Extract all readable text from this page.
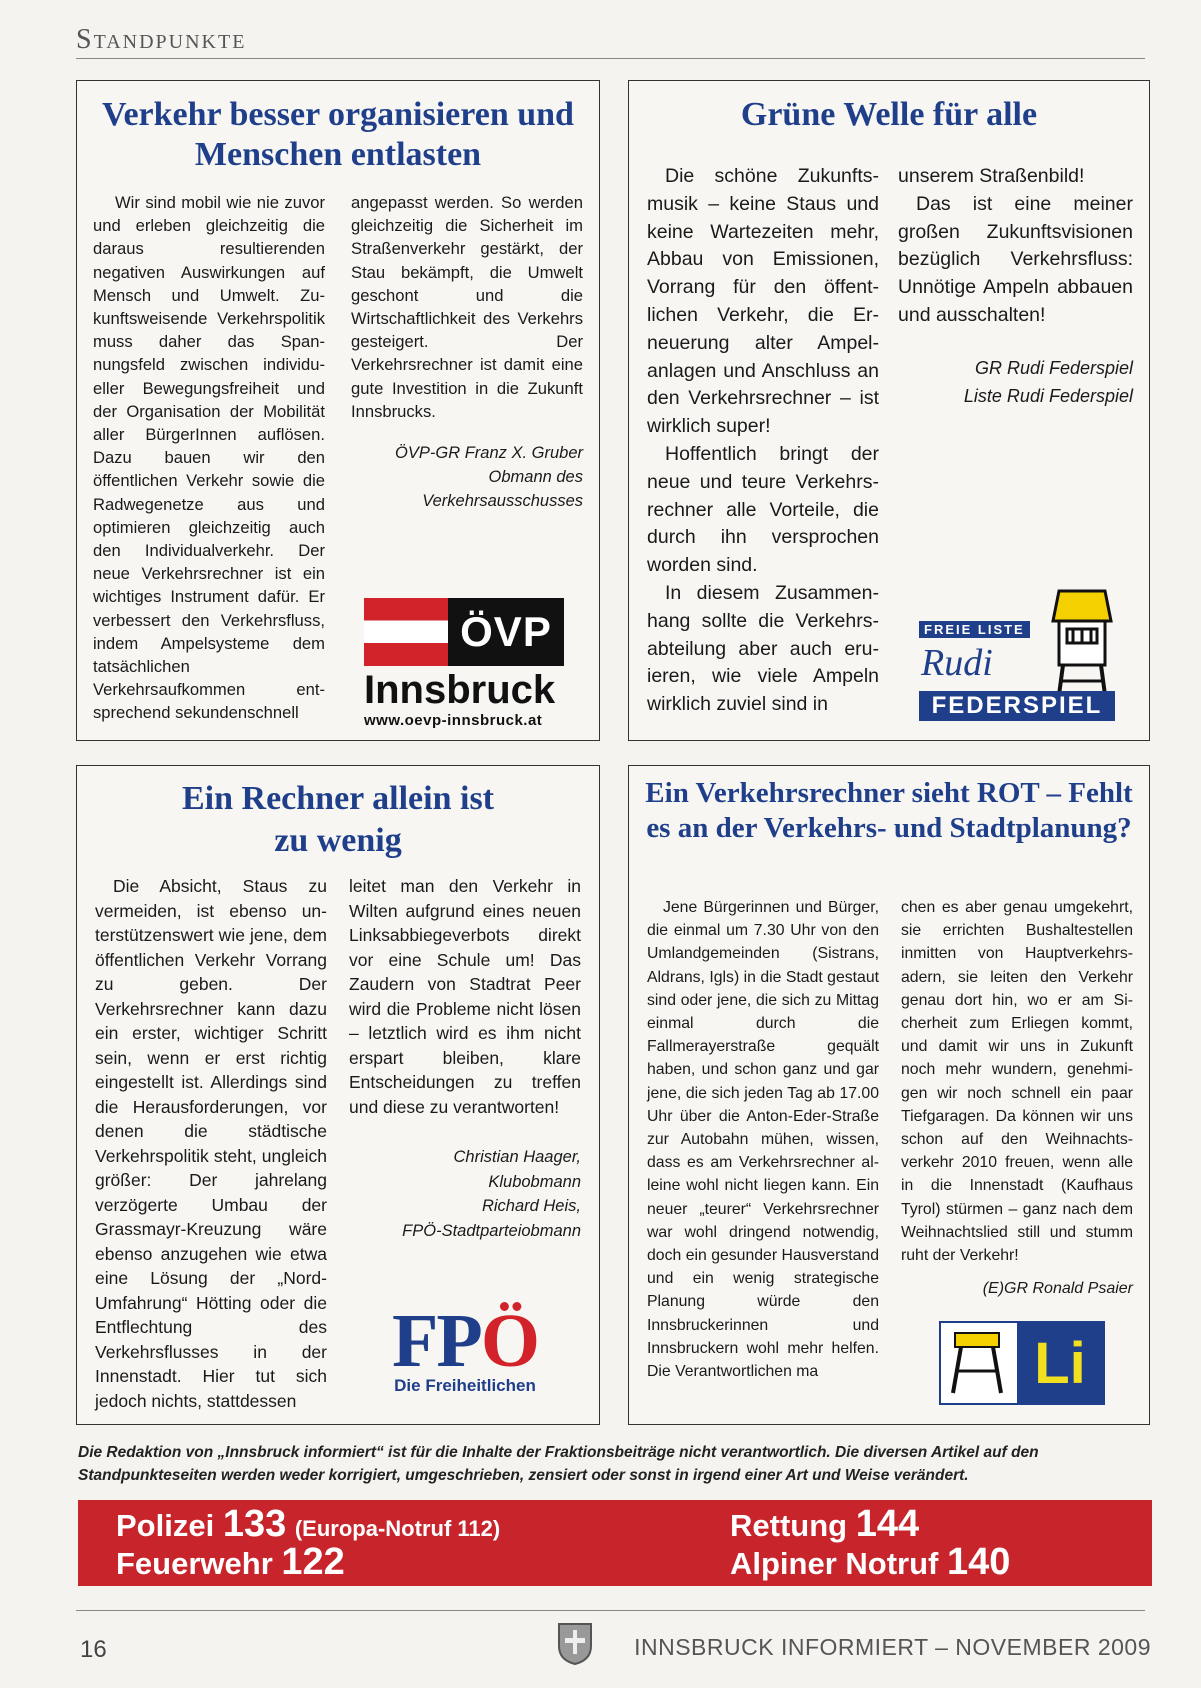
Standpunkte
Verkehr besser organisieren und Menschen entlasten

Wir sind mobil wie nie zuvor und erleben gleichzeitig die daraus resultierenden negativen Auswirkungen auf Mensch und Umwelt. Zukunftsweisende Verkehrspolitik muss daher das Spannungsfeld zwischen individueller Bewegungsfreiheit und der Organisation der Mobilität aller BürgerInnen auflösen. Dazu bauen wir den öffentlichen Verkehr sowie die Radwegenetze aus und optimieren gleichzeitig auch den Individualverkehr. Der neue Verkehrsrechner ist ein wichtiges Instrument dafür. Er verbessert den Verkehrsfluss, indem Ampelsysteme dem tatsächlichen Verkehrsaufkommen entsprechend sekundenschnell

angepasst werden. So werden gleichzeitig die Sicherheit im Straßenverkehr gestärkt, der Stau bekämpft, die Umwelt geschont und die Wirtschaftlichkeit des Verkehrs gesteigert. Der Verkehrsrechner ist damit eine gute Investition in die Zukunft Innsbrucks.

ÖVP-GR Franz X. Gruber
Obmann des
Verkehrsausschusses
ÖVP
Innsbruck
www.oevp-innsbruck.at
Grüne Welle für alle

Die schöne Zukunftsmusik – keine Staus und keine Wartezeiten mehr, Abbau von Emissionen, Vorrang für den öffentlichen Verkehr, die Erneuerung alter Ampelanlagen und Anschluss an den Verkehrsrechner – ist wirklich super!

Hoffentlich bringt der neue und teure Verkehrsrechner alle Vorteile, die durch ihn versprochen worden sind.

In diesem Zusammenhang sollte die Verkehrsabteilung aber auch eruieren, wie viele Ampeln wirklich zuviel sind in

unserem Straßenbild!

Das ist eine meiner großen Zukunftsvisionen bezüglich Verkehrsfluss: Unnötige Ampeln abbauen und ausschalten!

GR Rudi Federspiel
Liste Rudi Federspiel
FREIE LISTE
Rudi
FEDERSPIEL
Ein Rechner allein ist zu wenig

Die Absicht, Staus zu vermeiden, ist ebenso unterstützenswert wie jene, dem öffentlichen Verkehr Vorrang zu geben. Der Verkehrsrechner kann dazu ein erster, wichtiger Schritt sein, wenn er erst richtig eingestellt ist. Allerdings sind die Herausforderungen, vor denen die städtische Verkehrspolitik steht, ungleich größer: Der jahrelang verzögerte Umbau der Grassmayr-Kreuzung wäre ebenso anzugehen wie etwa eine Lösung der „Nord-Umfahrung“ Hötting oder die Entflechtung des Verkehrsflusses in der Innenstadt. Hier tut sich jedoch nichts, stattdessen

leitet man den Verkehr in Wilten aufgrund eines neuen Linksabbiegeverbots direkt vor eine Schule um! Das Zaudern von Stadtrat Peer wird die Probleme nicht lösen – letztlich wird es ihm nicht erspart bleiben, klare Entscheidungen zu treffen und diese zu verantworten!

Christian Haager,
Klubobmann
Richard Heis,
FPÖ-Stadtparteiobmann
FPÖ
Die Freiheitlichen
Ein Verkehrsrechner sieht ROT – Fehlt es an der Verkehrs- und Stadtplanung?

Jene Bürgerinnen und Bürger, die einmal um 7.30 Uhr von den Umlandgemeinden (Sistrans, Aldrans, Igls) in die Stadt gestaut sind oder jene, die sich zu Mittag einmal durch die Fallmerayerstraße gequält haben, und schon ganz und gar jene, die sich jeden Tag ab 17.00 Uhr über die Anton-Eder-Straße zur Autobahn mühen, wissen, dass es am Verkehrsrechner alleine wohl nicht liegen kann. Ein neuer „teurer“ Verkehrsrechner war wohl dringend notwendig, doch ein gesunder Hausverstand und ein wenig strategische Planung würde den Innsbruckerinnen und Innsbruckern wohl mehr helfen. Die Verantwortlichen ma

chen es aber genau umgekehrt, sie errichten Bushaltestellen inmitten von Hauptverkehrsadern, sie leiten den Verkehr genau dort hin, wo er am Sicherheit zum Erliegen kommt, und damit wir uns in Zukunft noch mehr wundern, genehmigen wir noch schnell ein paar Tiefgaragen. Da können wir uns schon auf den Weihnachtsverkehr 2010 freuen, wenn alle in die Innenstadt (Kaufhaus Tyrol) stürmen – ganz nach dem Weihnachtslied still und stumm ruht der Verkehr!

(E)GR Ronald Psaier
Li
Die Redaktion von „Innsbruck informiert“ ist für die Inhalte der Fraktionsbeiträge nicht verantwortlich. Die diversen Artikel auf den Standpunkteseiten werden weder korrigiert, umgeschrieben, zensiert oder sonst in irgend einer Art und Weise verändert.
Polizei 133 (Europa-Notruf 112)
Feuerwehr 122
Rettung 144
Alpiner Notruf 140
16	INNSBRUCK INFORMIERT – NOVEMBER 2009
